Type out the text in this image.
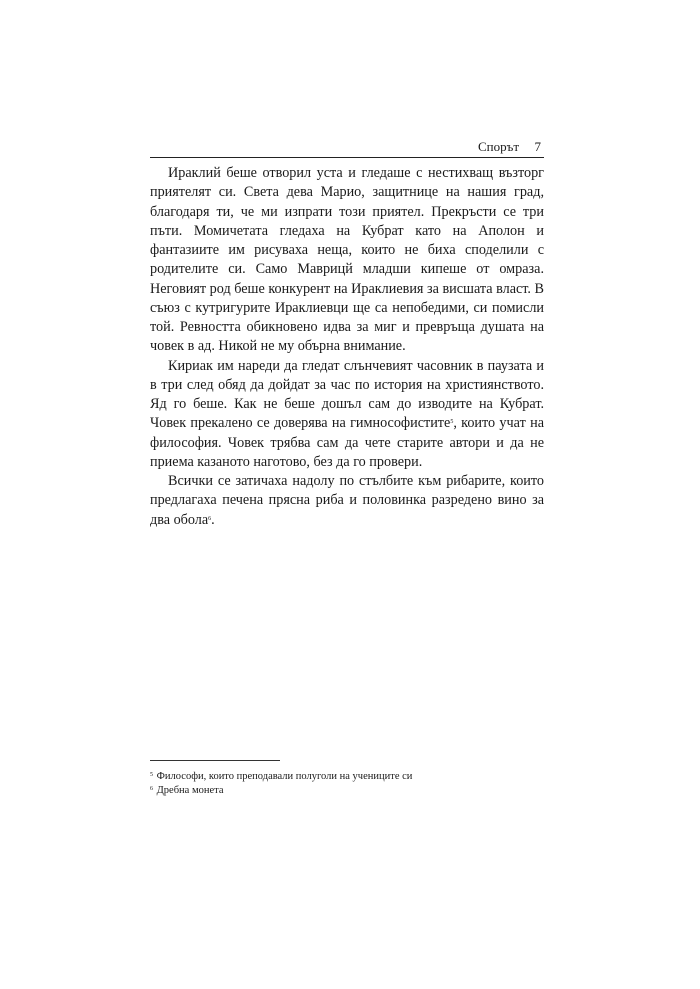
Спорът 7

Ираклий беше отворил уста и гледаше с нестихващ възторг приятелят си. Света дева Марио, защитнице на нашия град, благодаря ти, че ми изпрати този приятел. Прекръсти се три пъти. Момичетата гледаха на Кубрат като на Аполон и фантазиите им рисуваха неща, които не биха споделили с родителите си. Само Маврицй младши кипеше от омраза. Неговият род беше конкурент на Ираклиевия за висшата власт. В съюз с кутригурите Ираклиевци ще са непобедими, си помисли той. Ревността обикновено идва за миг и превръща душата на човек в ад. Никой не му обърна внимание.

Кириак им нареди да гледат слънчевият часовник в паузата и в три след обяд да дойдат за час по история на християнството. Яд го беше. Как не беше дошъл сам до изводите на Кубрат. Човек прекалено се доверява на гимнософистите$^5$, които учат на философия. Човек трябва сам да чете старите автори и да не приема казаното наготово, без да го провери.

Всички се затичаха надолу по стълбите към рибарите, които предлагаха печена прясна риба и половинка разредено вино за два обола$^6$.

$^5$ Философи, които преподавали полуголи на учениците си
$^6$ Дребна монета
